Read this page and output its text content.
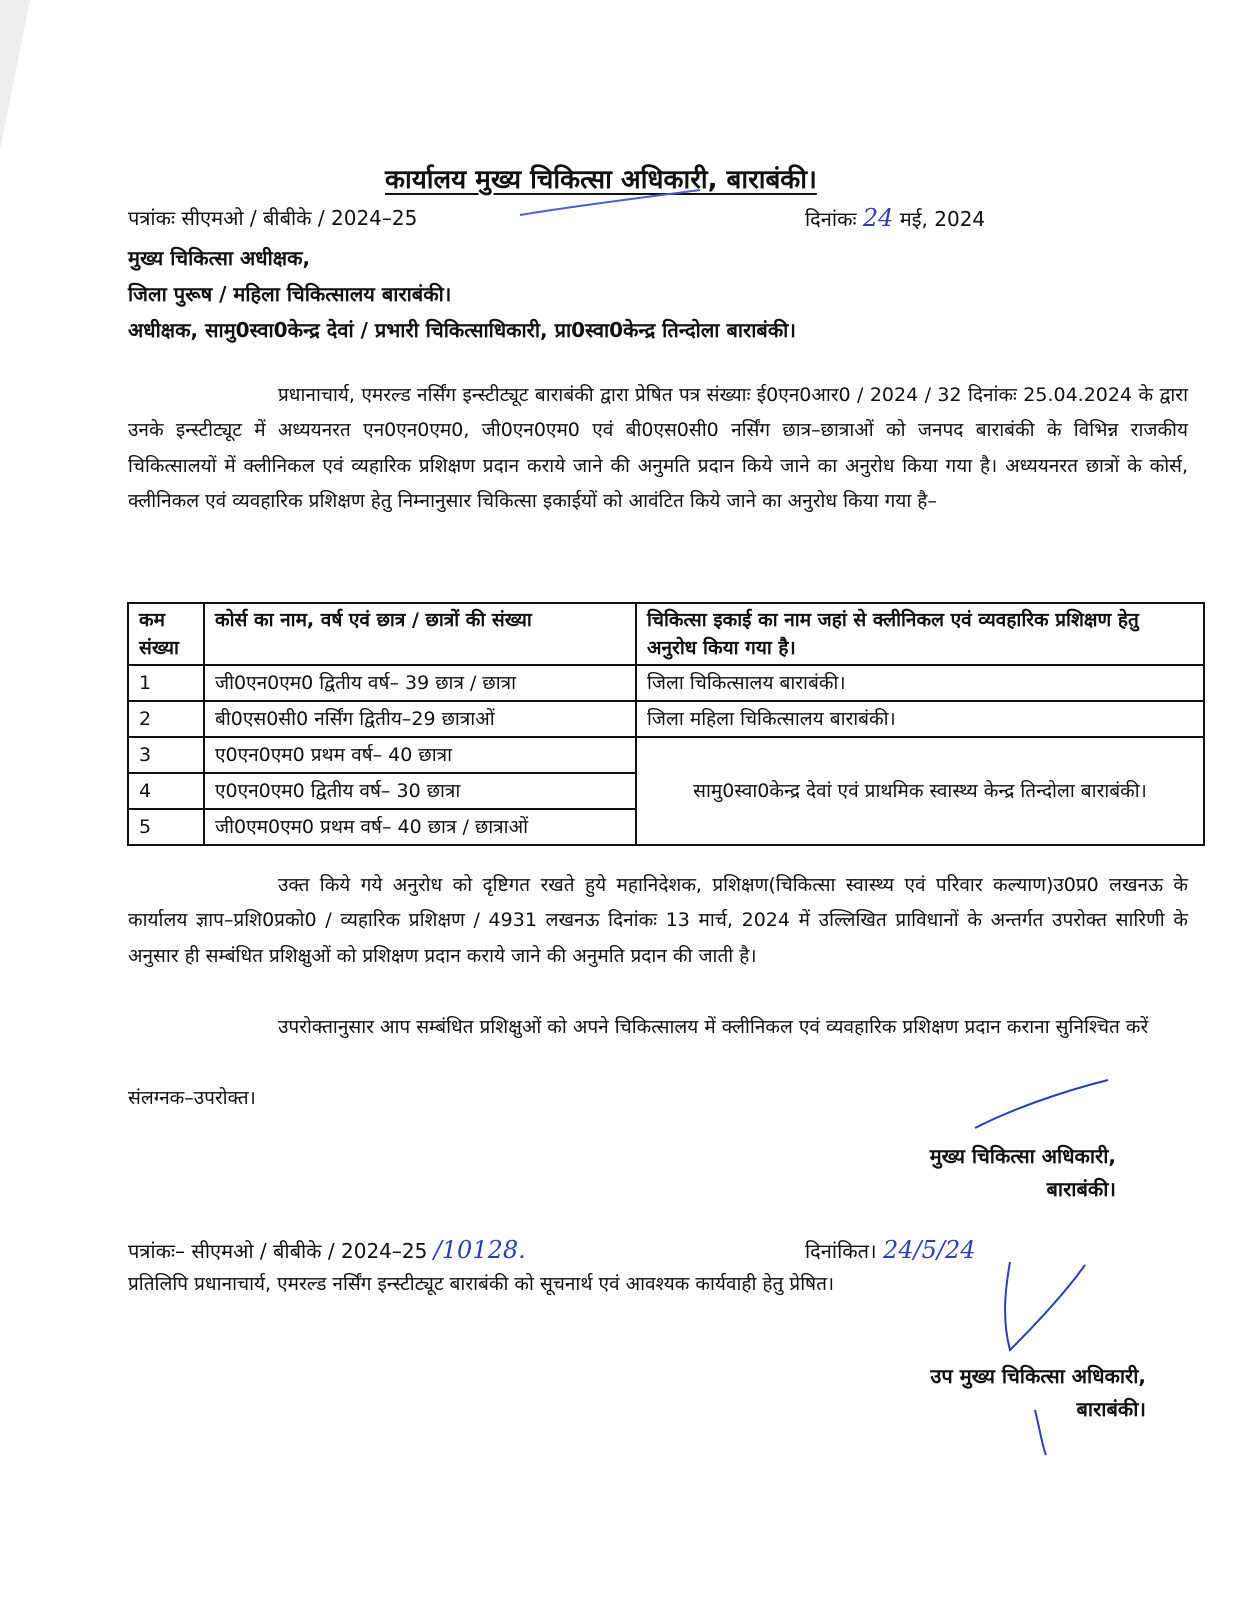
कार्यालय मुख्य चिकित्सा अधिकारी, बाराबंकी।
पत्रांकः सीएमओ / बीबीके / 2024–25	दिनांकः 24 मई, 2024
मुख्य चिकित्सा अधीक्षक,
जिला पुरूष / महिला चिकित्सालय बाराबंकी।
अधीक्षक, सामु0स्वा0केन्द्र देवां / प्रभारी चिकित्साधिकारी, प्रा0स्वा0केन्द्र तिन्दोला बाराबंकी।
प्रधानाचार्य, एमरल्ड नर्सिंग इन्स्टीट्यूट बाराबंकी द्वारा प्रेषित पत्र संख्याः ई0एन0आर0 / 2024 / 32 दिनांकः 25.04.2024 के द्वारा उनके इन्स्टीट्यूट में अध्ययनरत एन0एन0एम0, जी0एन0एम0 एवं बी0एस0सी0 नर्सिंग छात्र–छात्राओं को जनपद बाराबंकी के विभिन्न राजकीय चिकित्सालयों में क्लीनिकल एवं व्यहारिक प्रशिक्षण प्रदान कराये जाने की अनुमति प्रदान किये जाने का अनुरोध किया गया है। अध्ययनरत छात्रों के कोर्स, क्लीनिकल एवं व्यवहारिक प्रशिक्षण हेतु निम्नानुसार चिकित्सा इकाईयों को आवंटित किये जाने का अनुरोध किया गया है–
कम संख्या	कोर्स का नाम, वर्ष एवं छात्र / छात्रों की संख्या	चिकित्सा इकाई का नाम जहां से क्लीनिकल एवं व्यवहारिक प्रशिक्षण हेतु अनुरोध किया गया है।
1	जी0एन0एम0 द्वितीय वर्ष– 39 छात्र / छात्रा	जिला चिकित्सालय बाराबंकी।
2	बी0एस0सी0 नर्सिंग द्वितीय–29 छात्राओं	जिला महिला चिकित्सालय बाराबंकी।
3	ए0एन0एम0 प्रथम वर्ष– 40 छात्रा	सामु0स्वा0केन्द्र देवां एवं प्राथमिक स्वास्थ्य केन्द्र तिन्दोला बाराबंकी।
4	ए0एन0एम0 द्वितीय वर्ष– 30 छात्रा	
5	जी0एम0एम0 प्रथम वर्ष– 40 छात्र / छात्राओं	
उक्त किये गये अनुरोध को दृष्टिगत रखते हुये महानिदेशक, प्रशिक्षण(चिकित्सा स्वास्थ्य एवं परिवार कल्याण)उ0प्र0 लखनऊ के कार्यालय ज्ञाप–प्रशि0प्रको0 / व्यहारिक प्रशिक्षण / 4931 लखनऊ दिनांकः 13 मार्च, 2024 में उल्लिखित प्राविधानों के अन्तर्गत उपरोक्त सारिणी के अनुसार ही सम्बंधित प्रशिक्षुओं को प्रशिक्षण प्रदान कराये जाने की अनुमति प्रदान की जाती है।
उपरोक्तानुसार आप सम्बंधित प्रशिक्षुओं को अपने चिकित्सालय में क्लीनिकल एवं व्यवहारिक प्रशिक्षण प्रदान कराना सुनिश्चित करें
संलग्नक–उपरोक्त।
मुख्य चिकित्सा अधिकारी,
बाराबंकी।
पत्रांकः– सीएमओ / बीबीके / 2024–25 /10128.	दिनांकित। 24/5/24
प्रतिलिपि प्रधानाचार्य, एमरल्ड नर्सिंग इन्स्टीट्यूट बाराबंकी को सूचनार्थ एवं आवश्यक कार्यवाही हेतु प्रेषित।
उप मुख्य चिकित्सा अधिकारी,
बाराबंकी।
